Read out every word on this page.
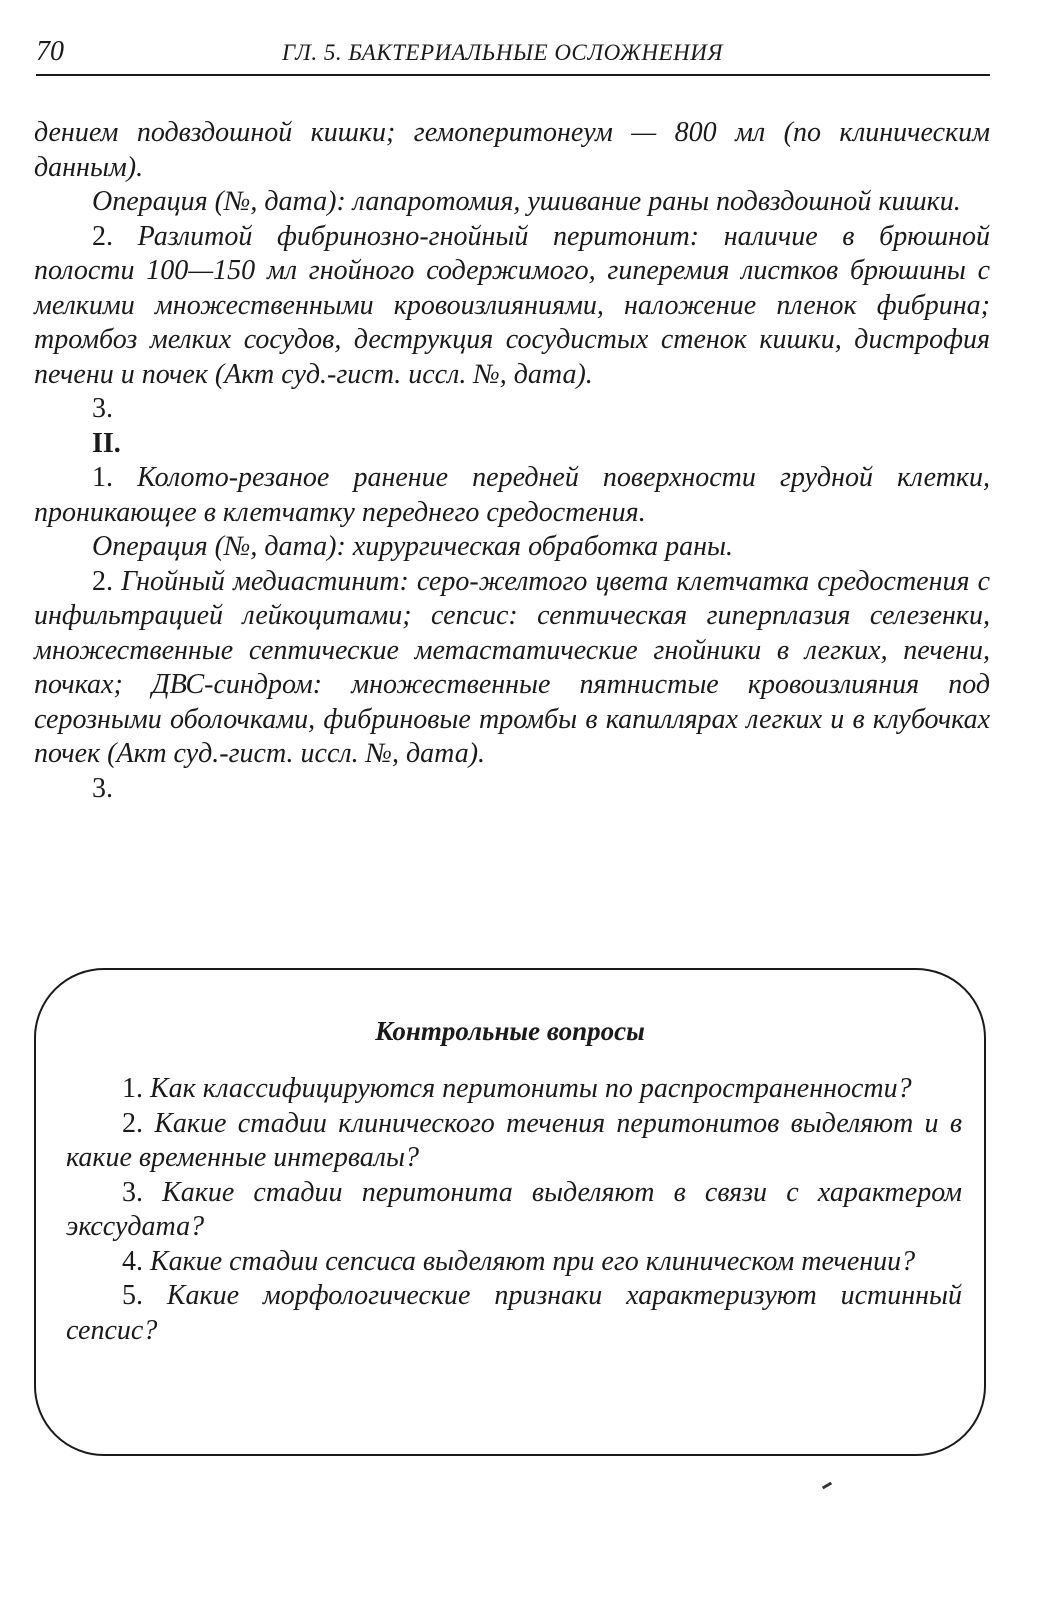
70	ГЛ. 5. БАКТЕРИАЛЬНЫЕ ОСЛОЖНЕНИЯ

дением подвздошной кишки; гемоперитонеум — 800 мл (по клиническим данным).

Операция (№, дата): лапаротомия, ушивание раны подвздошной кишки.

2. Разлитой фибринозно-гнойный перитонит: наличие в брюшной полости 100—150 мл гнойного содержимого, гиперемия листков брюшины с мелкими множественными кровоизлияниями, наложение пленок фибрина; тромбоз мелких сосудов, деструкция сосудистых стенок кишки, дистрофия печени и почек (Акт суд.-гист. иссл. №, дата).

3.

II.

1. Колото-резаное ранение передней поверхности грудной клетки, проникающее в клетчатку переднего средостения.

Операция (№, дата): хирургическая обработка раны.

2. Гнойный медиастинит: серо-желтого цвета клетчатка средостения с инфильтрацией лейкоцитами; сепсис: септическая гиперплазия селезенки, множественные септические метастатические гнойники в легких, печени, почках; ДВС-синдром: множественные пятнистые кровоизлияния под серозными оболочками, фибриновые тромбы в капиллярах легких и в клубочках почек (Акт суд.-гист. иссл. №, дата).

3.

Контрольные вопросы

1. Как классифицируются перитониты по распространенности?

2. Какие стадии клинического течения перитонитов выделяют и в какие временные интервалы?

3. Какие стадии перитонита выделяют в связи с характером экссудата?

4. Какие стадии сепсиса выделяют при его клиническом течении?

5. Какие морфологические признаки характеризуют истинный сепсис?
